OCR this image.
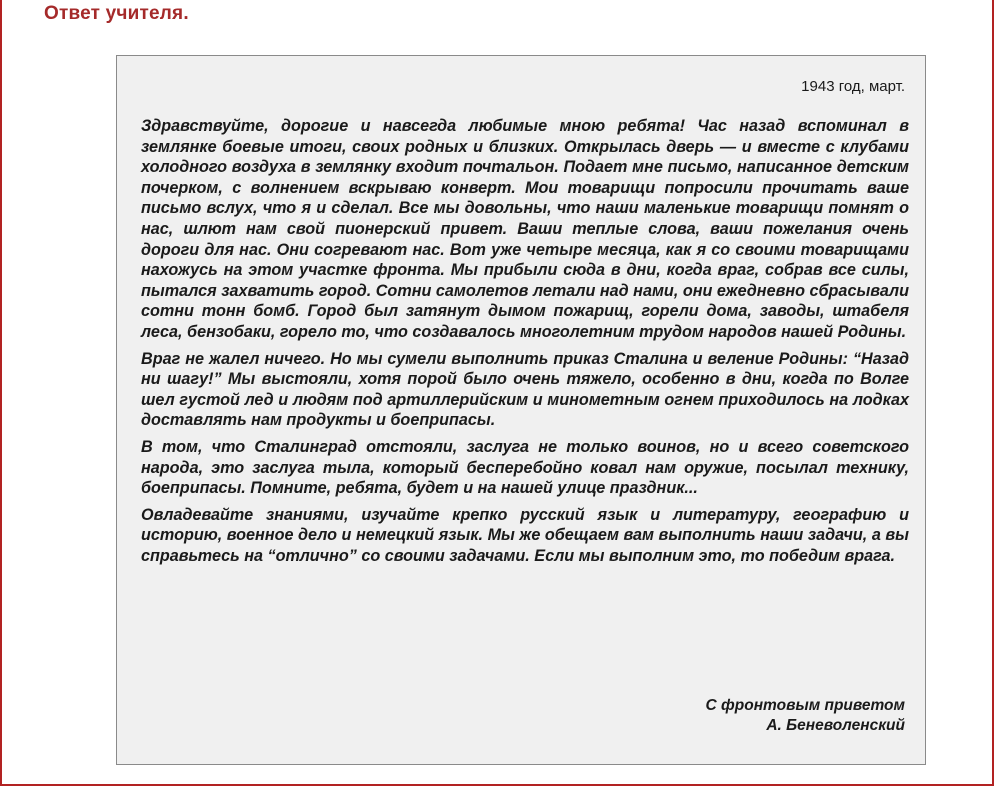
Ответ учителя.
1943 год, март.

Здравствуйте, дорогие и навсегда любимые мною ребята! Час назад вспоминал в землянке боевые итоги, своих родных и близких. Открылась дверь — и вместе с клубами холодного воздуха в землянку входит почтальон. Подает мне письмо, написанное детским почерком, с волнением вскрываю конверт. Мои товарищи попросили прочитать ваше письмо вслух, что я и сделал. Все мы довольны, что наши маленькие товарищи помнят о нас, шлют нам свой пионерский привет. Ваши теплые слова, ваши пожелания очень дороги для нас. Они согревают нас. Вот уже четыре месяца, как я со своими товарищами нахожусь на этом участке фронта. Мы прибыли сюда в дни, когда враг, собрав все силы, пытался захватить город. Сотни самолетов летали над нами, они ежедневно сбрасывали сотни тонн бомб. Город был затянут дымом пожарищ, горели дома, заводы, штабеля леса, бензобаки, горело то, что создавалось многолетним трудом народов нашей Родины.

Враг не жалел ничего. Но мы сумели выполнить приказ Сталина и веление Родины: “Назад ни шагу!” Мы выстояли, хотя порой было очень тяжело, особенно в дни, когда по Волге шел густой лед и людям под артиллерийским и минометным огнем приходилось на лодках доставлять нам продукты и боеприпасы.

В том, что Сталинград отстояли, заслуга не только воинов, но и всего советского народа, это заслуга тыла, который бесперебойно ковал нам оружие, посылал технику, боеприпасы. Помните, ребята, будет и на нашей улице праздник...

Овладевайте знаниями, изучайте крепко русский язык и литературу, географию и историю, военное дело и немецкий язык. Мы же обещаем вам выполнить наши задачи, а вы справьтесь на “отлично” со своими задачами. Если мы выполним это, то победим врага.

С фронтовым приветом
А. Беневоленский
